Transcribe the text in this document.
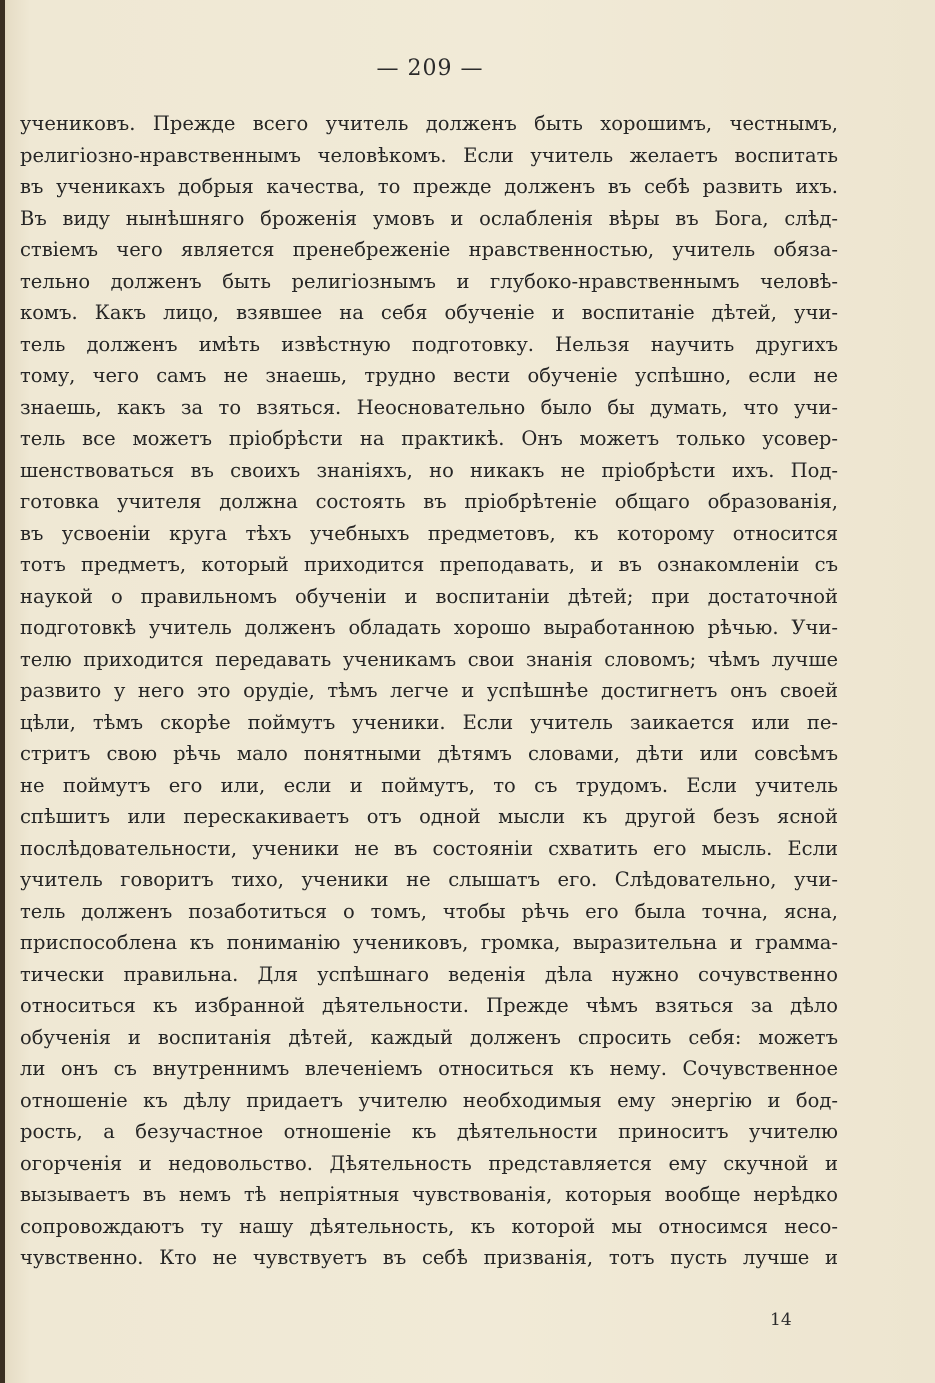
— 209 —
учениковъ. Прежде всего учитель долженъ быть хорошимъ, честнымъ,
религіозно-нравственнымъ человѣкомъ. Если учитель желаетъ воспитать
въ ученикахъ добрыя качества, то прежде долженъ въ себѣ развить ихъ.
Въ виду нынѣшняго броженія умовъ и ослабленія вѣры въ Бога, слѣд-
ствіемъ чего является пренебреженіе нравственностью, учитель обяза-
тельно долженъ быть религіознымъ и глубоко-нравственнымъ человѣ-
комъ. Какъ лицо, взявшее на себя обученіе и воспитаніе дѣтей, учи-
тель долженъ имѣть извѣстную подготовку. Нельзя научить другихъ
тому, чего самъ не знаешь, трудно вести обученіе успѣшно, если не
знаешь, какъ за то взяться. Неосновательно было бы думать, что учи-
тель все можетъ пріобрѣсти на практикѣ. Онъ можетъ только усовер-
шенствоваться въ своихъ знаніяхъ, но никакъ не пріобрѣсти ихъ. Под-
готовка учителя должна состоять въ пріобрѣтеніе общаго образованія,
въ усвоеніи круга тѣхъ учебныхъ предметовъ, къ которому относится
тотъ предметъ, который приходится преподавать, и въ ознакомленіи съ
наукой о правильномъ обученіи и воспитаніи дѣтей; при достаточной
подготовкѣ учитель долженъ обладать хорошо выработанною рѣчью. Учи-
телю приходится передавать ученикамъ свои знанія словомъ; чѣмъ лучше
развито у него это орудіе, тѣмъ легче и успѣшнѣе достигнетъ онъ своей
цѣли, тѣмъ скорѣе поймутъ ученики. Если учитель заикается или пе-
стритъ свою рѣчь мало понятными дѣтямъ словами, дѣти или совсѣмъ
не поймутъ его или, если и поймутъ, то съ трудомъ. Если учитель
спѣшитъ или перескакиваетъ отъ одной мысли къ другой безъ ясной
послѣдовательности, ученики не въ состояніи схватить его мысль. Если
учитель говоритъ тихо, ученики не слышатъ его. Слѣдовательно, учи-
тель долженъ позаботиться о томъ, чтобы рѣчь его была точна, ясна,
приспособлена къ пониманію учениковъ, громка, выразительна и грамма-
тически правильна. Для успѣшнаго веденія дѣла нужно сочувственно
относиться къ избранной дѣятельности. Прежде чѣмъ взяться за дѣло
обученія и воспитанія дѣтей, каждый долженъ спросить себя: можетъ
ли онъ съ внутреннимъ влеченіемъ относиться къ нему. Сочувственное
отношеніе къ дѣлу придаетъ учителю необходимыя ему энергію и бод-
рость, а безучастное отношеніе къ дѣятельности приноситъ учителю
огорченія и недовольство. Дѣятельность представляется ему скучной и
вызываетъ въ немъ тѣ непріятныя чувствованія, которыя вообще нерѣдко
сопровождаютъ ту нашу дѣятельность, къ которой мы относимся несо-
чувственно. Кто не чувствуетъ въ себѣ призванія, тотъ пусть лучше и
14
